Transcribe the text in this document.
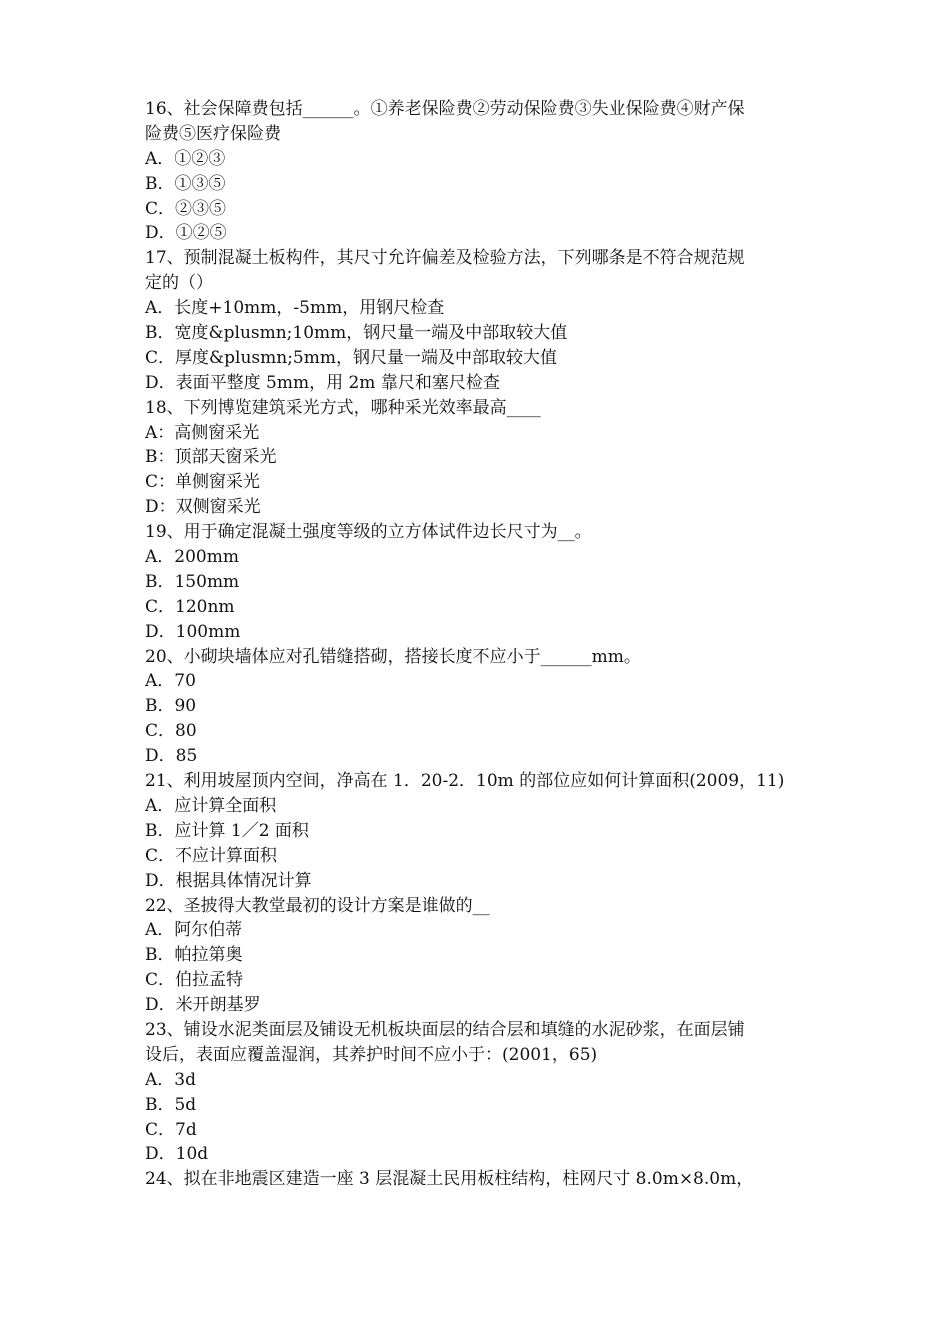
16、社会保障费包括______。①养老保险费②劳动保险费③失业保险费④财产保
险费⑤医疗保险费
A．①②③
B．①③⑤
C．②③⑤
D．①②⑤
17、预制混凝土板构件，其尺寸允许偏差及检验方法，下列哪条是不符合规范规
定的（）
A．长度+10mm，-5mm，用钢尺检查
B．宽度&plusmn;10mm，钢尺量一端及中部取较大值
C．厚度&plusmn;5mm，钢尺量一端及中部取较大值
D．表面平整度 5mm，用 2m 靠尺和塞尺检查
18、下列博览建筑采光方式，哪种采光效率最高____
A：高侧窗采光
B：顶部天窗采光
C：单侧窗采光
D：双侧窗采光
19、用于确定混凝土强度等级的立方体试件边长尺寸为__。
A．200mm
B．150mm
C．120nm
D．100mm
20、小砌块墙体应对孔错缝搭砌，搭接长度不应小于______mm。
A．70
B．90
C．80
D．85
21、利用坡屋顶内空间，净高在 1．20-2．10m 的部位应如何计算面积(2009，11)
A．应计算全面积
B．应计算 1／2 面积
C．不应计算面积
D．根据具体情况计算
22、圣披得大教堂最初的设计方案是谁做的__
A．阿尔伯蒂
B．帕拉第奥
C．伯拉孟特
D．米开朗基罗
23、铺设水泥类面层及铺设无机板块面层的结合层和填缝的水泥砂浆，在面层铺
设后，表面应覆盖湿润，其养护时间不应小于：(2001，65)
A．3d
B．5d
C．7d
D．10d
24、拟在非地震区建造一座 3 层混凝土民用板柱结构，柱网尺寸 8.0m×8.0m，
